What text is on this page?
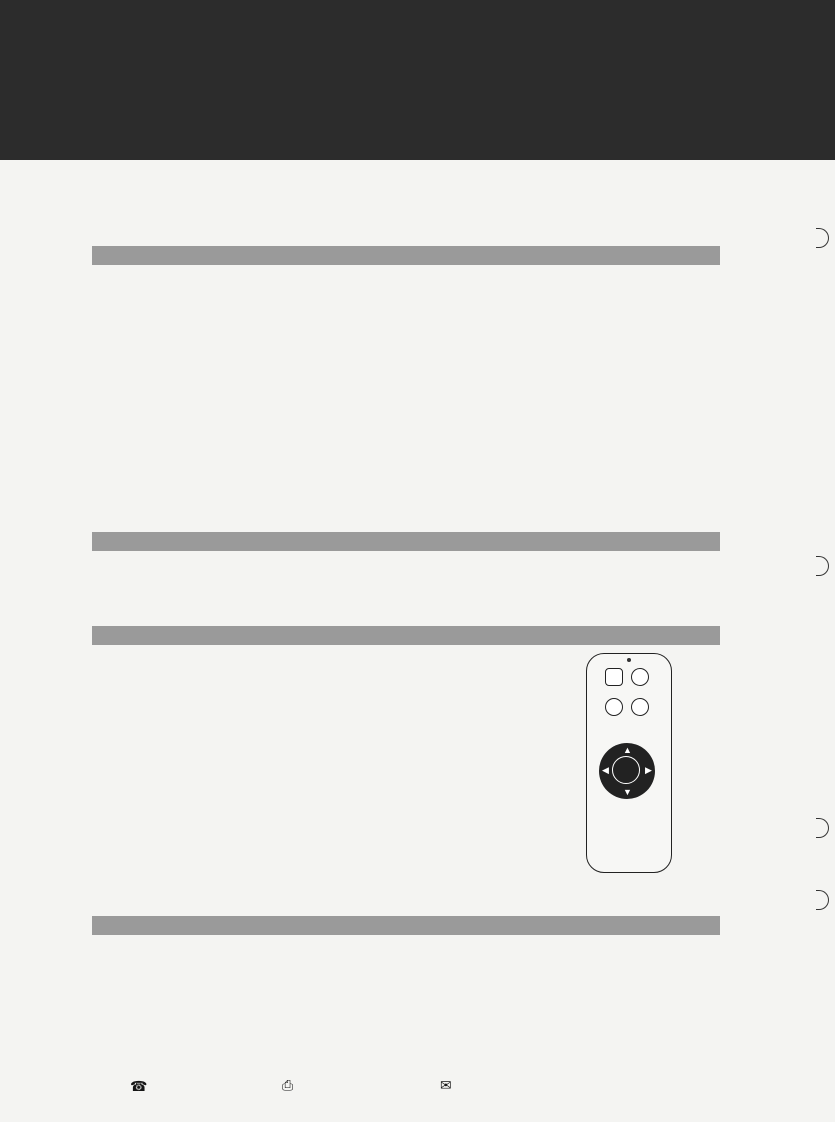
▲
▼
◀	▶
☎	⎙	✉
